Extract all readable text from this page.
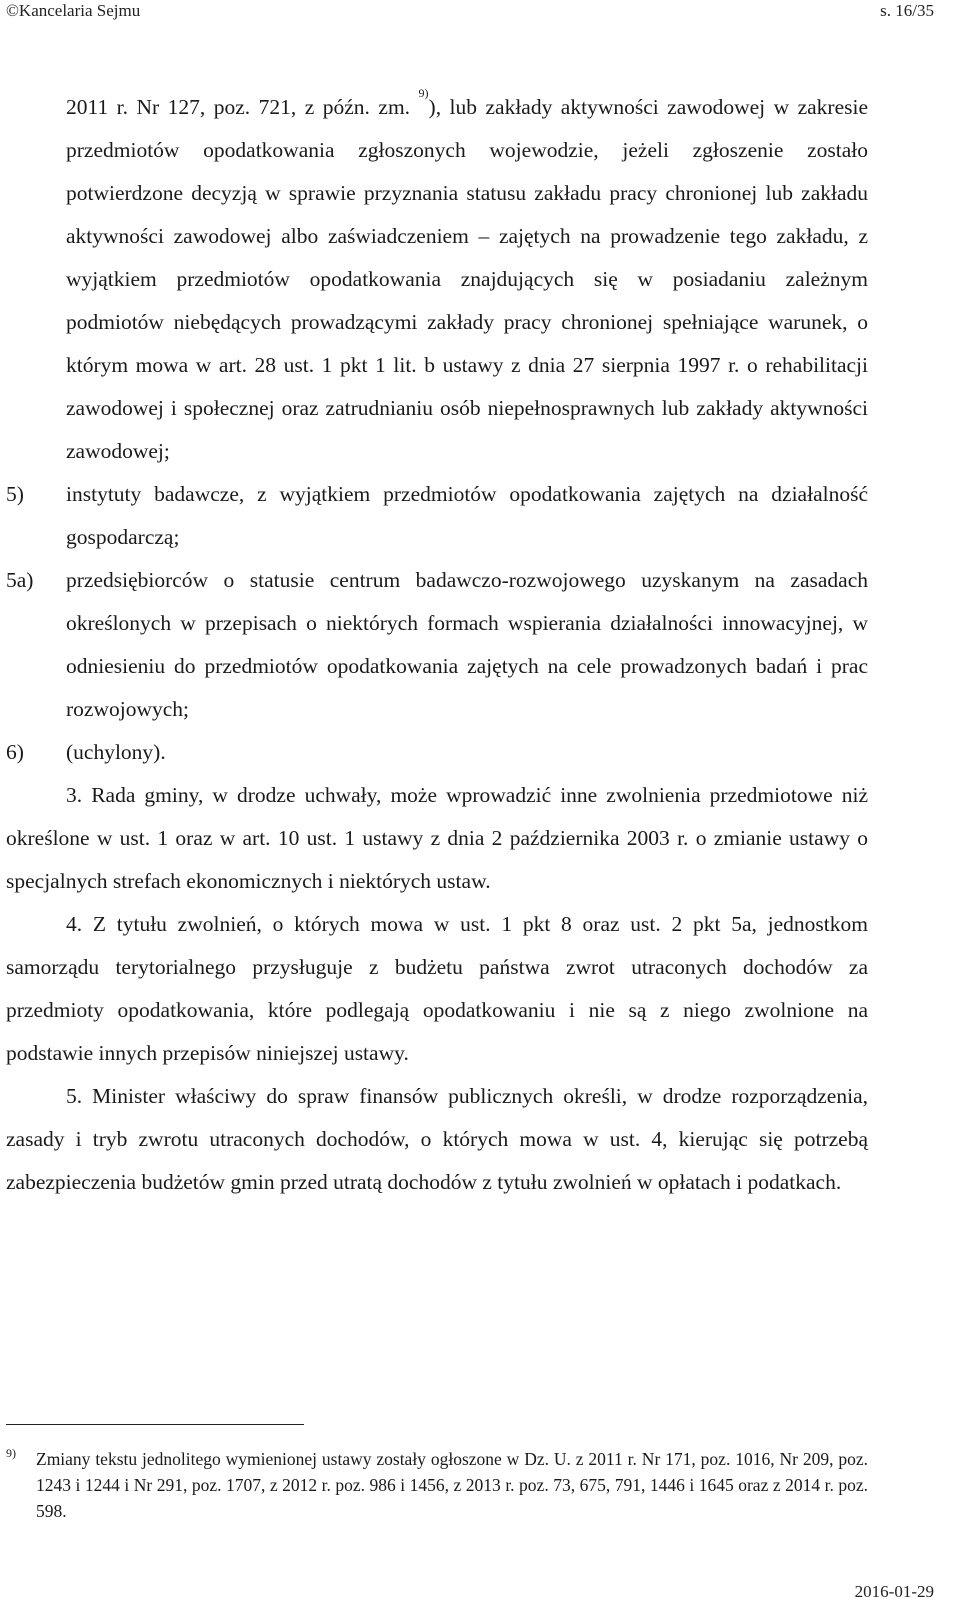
©Kancelaria Sejmu	s. 16/35

2011 r. Nr 127, poz. 721, z późn. zm. $^{9)}$), lub zakłady aktywności zawodowej w zakresie przedmiotów opodatkowania zgłoszonych wojewodzie, jeżeli zgłoszenie zostało potwierdzone decyzją w sprawie przyznania statusu zakładu pracy chronionej lub zakładu aktywności zawodowej albo zaświadczeniem – zajętych na prowadzenie tego zakładu, z wyjątkiem przedmiotów opodatkowania znajdujących się w posiadaniu zależnym podmiotów niebędących prowadzącymi zakłady pracy chronionej spełniające warunek, o którym mowa w art. 28 ust. 1 pkt 1 lit. b ustawy z dnia 27 sierpnia 1997 r. o rehabilitacji zawodowej i społecznej oraz zatrudnianiu osób niepełnosprawnych lub zakłady aktywności zawodowej;

5) instytuty badawcze, z wyjątkiem przedmiotów opodatkowania zajętych na działalność gospodarczą;

5a) przedsiębiorców o statusie centrum badawczo-rozwojowego uzyskanym na zasadach określonych w przepisach o niektórych formach wspierania działalności innowacyjnej, w odniesieniu do przedmiotów opodatkowania zajętych na cele prowadzonych badań i prac rozwojowych;

6) (uchylony).

3. Rada gminy, w drodze uchwały, może wprowadzić inne zwolnienia przedmiotowe niż określone w ust. 1 oraz w art. 10 ust. 1 ustawy z dnia 2 października 2003 r. o zmianie ustawy o specjalnych strefach ekonomicznych i niektórych ustaw.

4. Z tytułu zwolnień, o których mowa w ust. 1 pkt 8 oraz ust. 2 pkt 5a, jednostkom samorządu terytorialnego przysługuje z budżetu państwa zwrot utraconych dochodów za przedmioty opodatkowania, które podlegają opodatkowaniu i nie są z niego zwolnione na podstawie innych przepisów niniejszej ustawy.

5. Minister właściwy do spraw finansów publicznych określi, w drodze rozporządzenia, zasady i tryb zwrotu utraconych dochodów, o których mowa w ust. 4, kierując się potrzebą zabezpieczenia budżetów gmin przed utratą dochodów z tytułu zwolnień w opłatach i podatkach.

9)	Zmiany tekstu jednolitego wymienionej ustawy zostały ogłoszone w Dz. U. z 2011 r. Nr 171, poz. 1016, Nr 209, poz. 1243 i 1244 i Nr 291, poz. 1707, z 2012 r. poz. 986 i 1456, z 2013 r. poz. 73, 675, 791, 1446 i 1645 oraz z 2014 r. poz. 598.
2016-01-29
